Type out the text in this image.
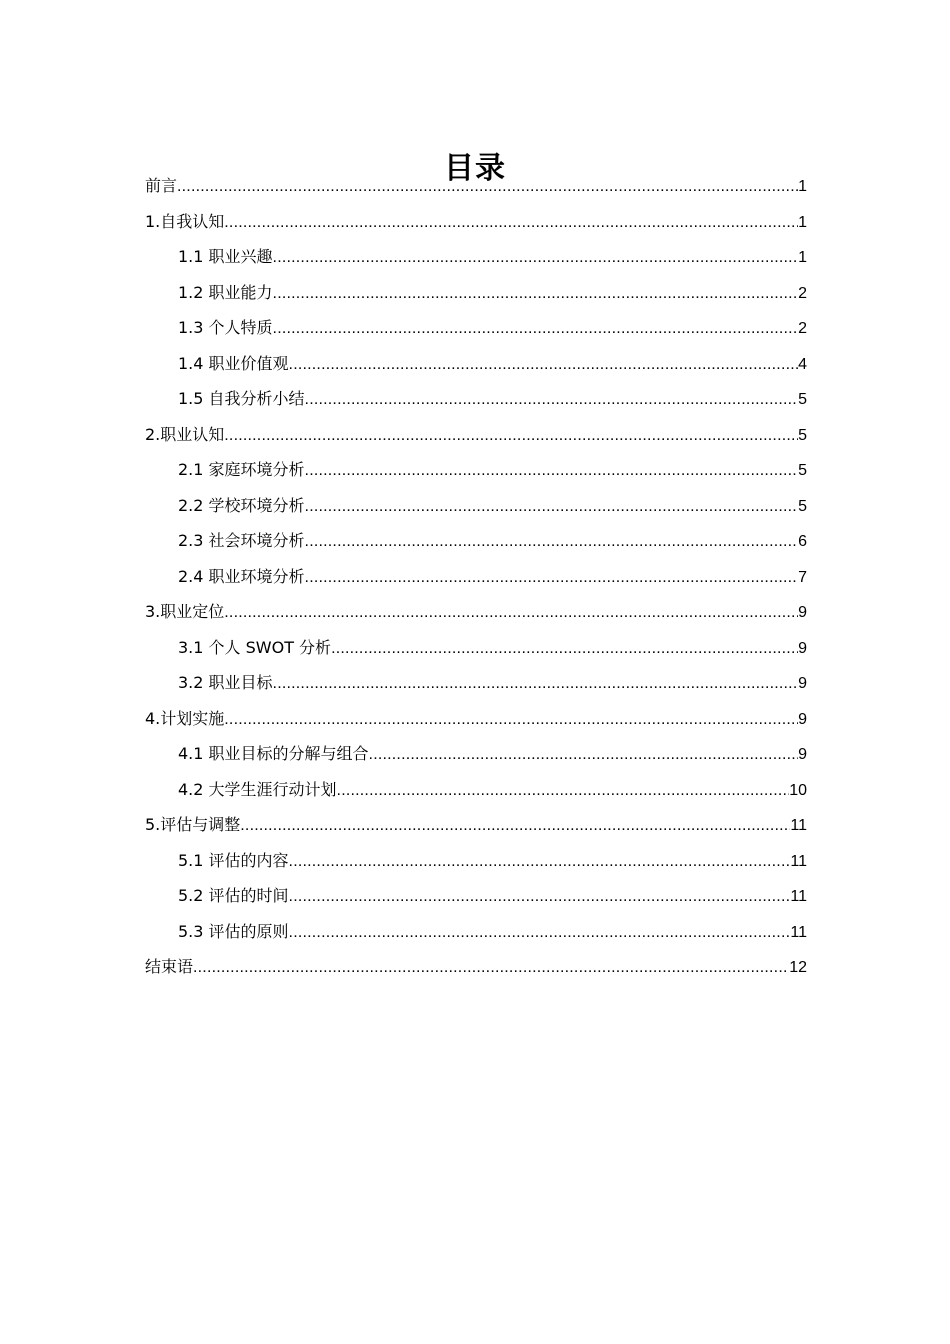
目录
前言 .....	1
1.自我认知 .....	1
1.1 职业兴趣 .....	1
1.2 职业能力 .....	2
1.3 个人特质 .....	2
1.4 职业价值观 .....	4
1.5 自我分析小结 .....	5
2.职业认知 .....	5
2.1 家庭环境分析 .....	5
2.2 学校环境分析 .....	5
2.3 社会环境分析 .....	6
2.4 职业环境分析 .....	7
3.职业定位 .....	9
3.1 个人 SWOT 分析 .....	9
3.2 职业目标 .....	9
4.计划实施 .....	9
4.1 职业目标的分解与组合 .....	9
4.2 大学生涯行动计划 .....	10
5.评估与调整 .....	11
5.1 评估的内容 .....	11
5.2 评估的时间 .....	11
5.3 评估的原则 .....	11
结束语 .....	12
